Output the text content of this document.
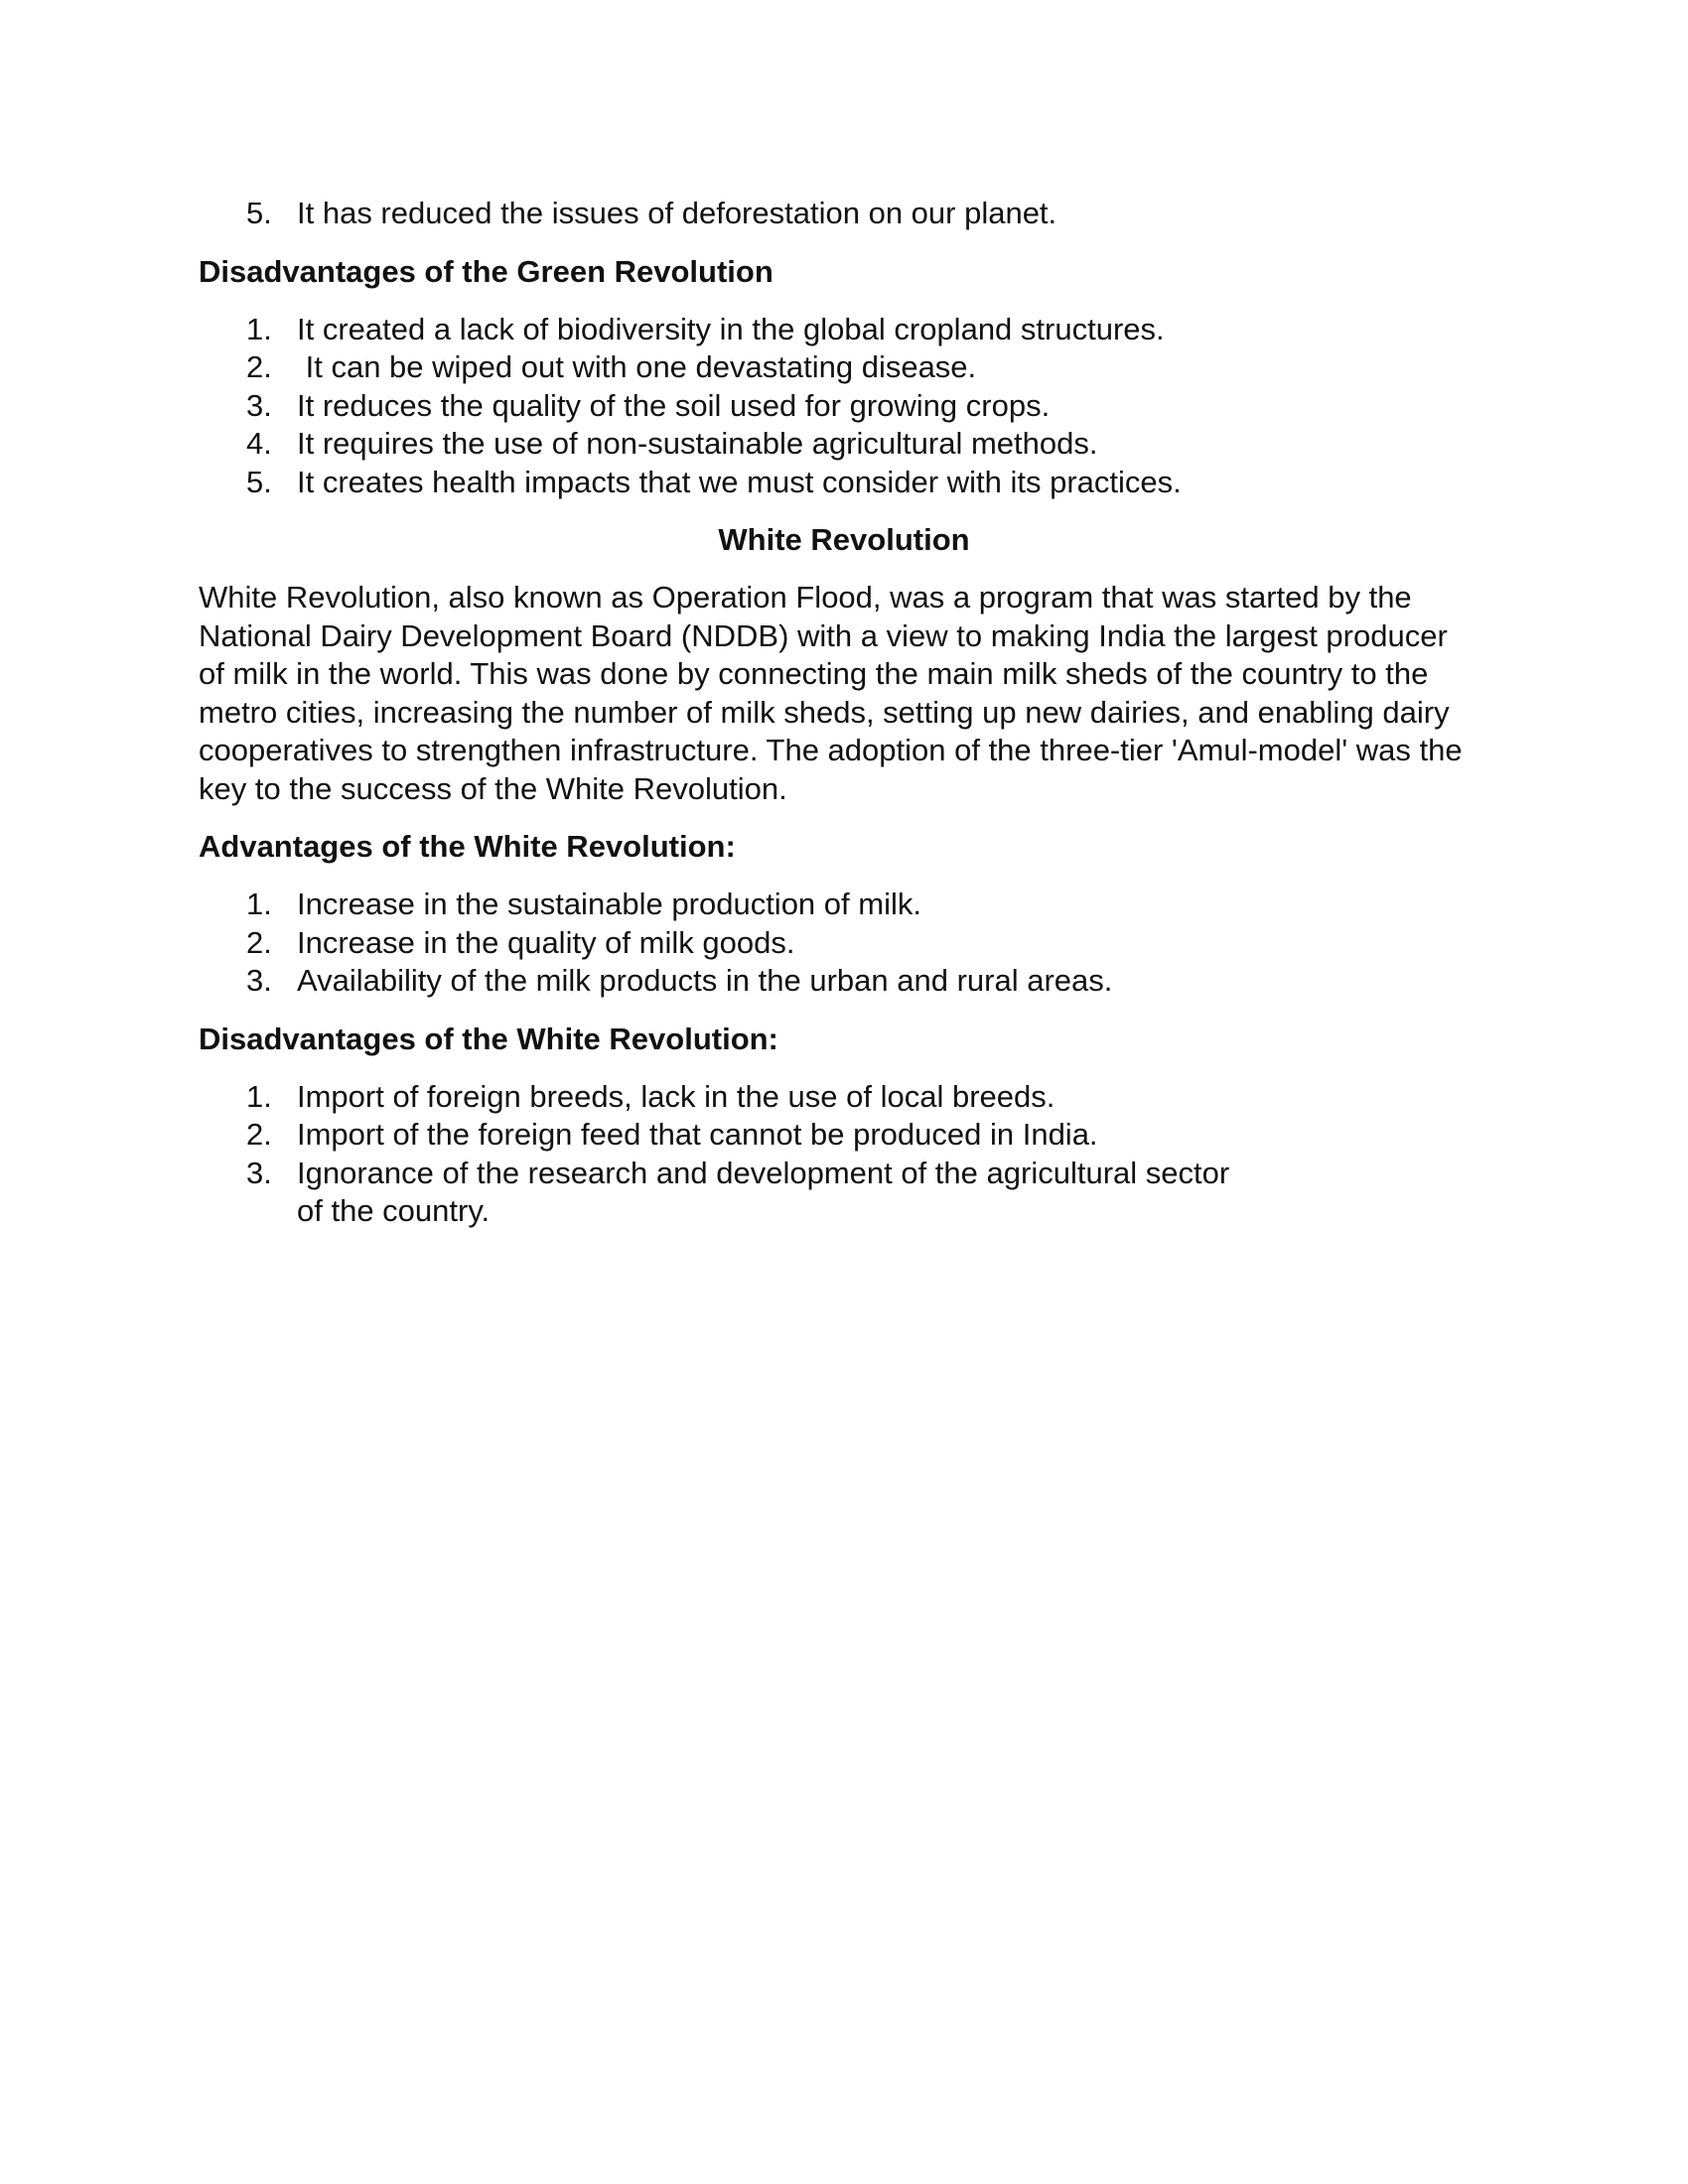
5. It has reduced the issues of deforestation on our planet.
Disadvantages of the Green Revolution
1. It created a lack of biodiversity in the global cropland structures.
2. It can be wiped out with one devastating disease.
3. It reduces the quality of the soil used for growing crops.
4. It requires the use of non-sustainable agricultural methods.
5. It creates health impacts that we must consider with its practices.
White Revolution

White Revolution, also known as Operation Flood, was a program that was started by the National Dairy Development Board (NDDB) with a view to making India the largest producer of milk in the world. This was done by connecting the main milk sheds of the country to the metro cities, increasing the number of milk sheds, setting up new dairies, and enabling dairy cooperatives to strengthen infrastructure. The adoption of the three-tier 'Amul-model' was the key to the success of the White Revolution.

Advantages of the White Revolution:
1. Increase in the sustainable production of milk.
2. Increase in the quality of milk goods.
3. Availability of the milk products in the urban and rural areas.
Disadvantages of the White Revolution:
1. Import of foreign breeds, lack in the use of local breeds.
2. Import of the foreign feed that cannot be produced in India.
3. Ignorance of the research and development of the agricultural sector of the country.
